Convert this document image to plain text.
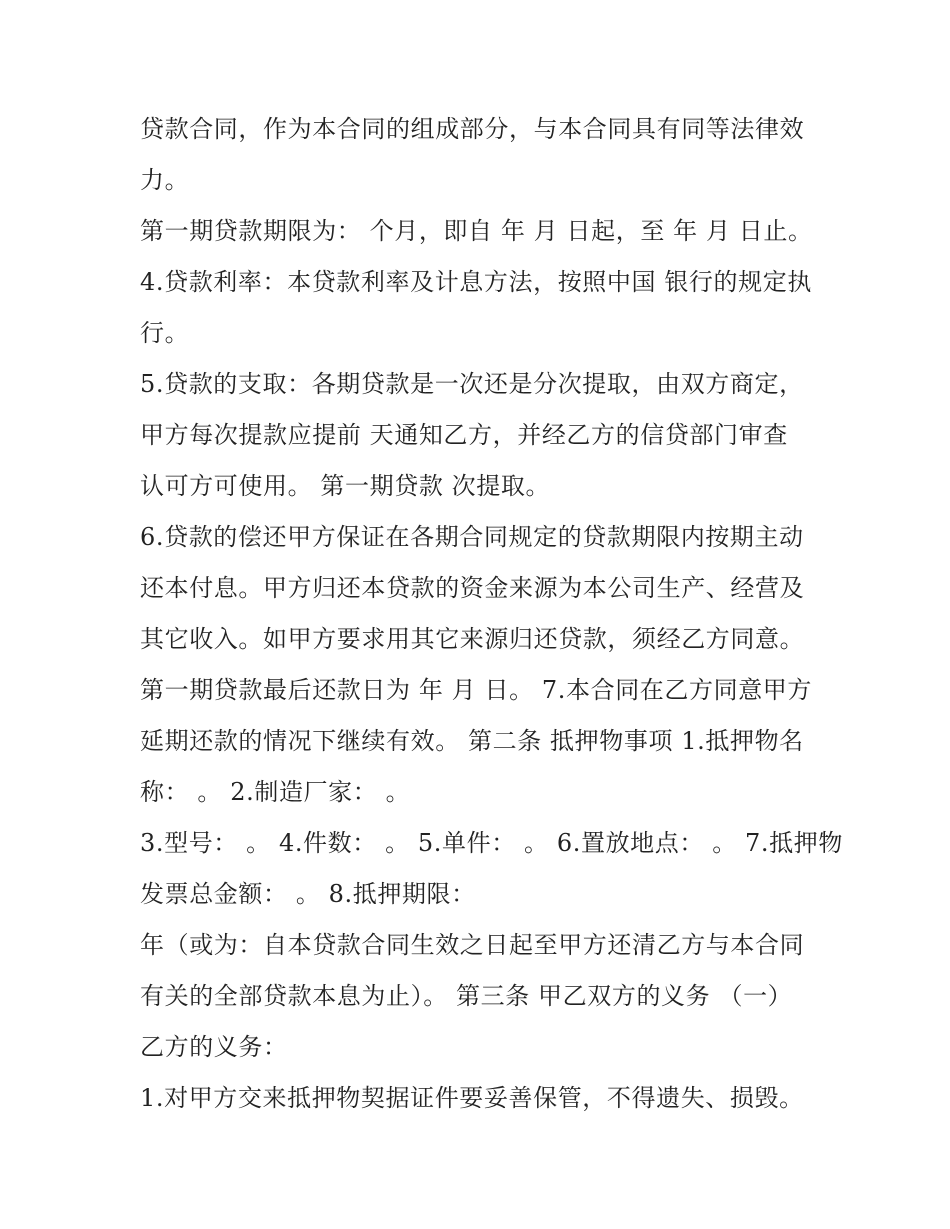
贷款合同，作为本合同的组成部分，与本合同具有同等法律效
力。
第一期贷款期限为： 个月，即自 年 月 日起，至 年 月 日止。
4.贷款利率：本贷款利率及计息方法，按照中国 银行的规定执
行。
5.贷款的支取：各期贷款是一次还是分次提取，由双方商定，
甲方每次提款应提前 天通知乙方，并经乙方的信贷部门审查
认可方可使用。 第一期贷款 次提取。
6.贷款的偿还甲方保证在各期合同规定的贷款期限内按期主动
还本付息。甲方归还本贷款的资金来源为本公司生产、经营及
其它收入。如甲方要求用其它来源归还贷款，须经乙方同意。
第一期贷款最后还款日为 年 月 日。 7.本合同在乙方同意甲方
延期还款的情况下继续有效。 第二条 抵押物事项 1.抵押物名
称： 。 2.制造厂家： 。
3.型号： 。 4.件数： 。 5.单件： 。 6.置放地点： 。 7.抵押物
发票总金额： 。 8.抵押期限：
年（或为：自本贷款合同生效之日起至甲方还清乙方与本合同
有关的全部贷款本息为止）。 第三条 甲乙双方的义务 （一）
乙方的义务：
1.对甲方交来抵押物契据证件要妥善保管，不得遗失、损毁。
